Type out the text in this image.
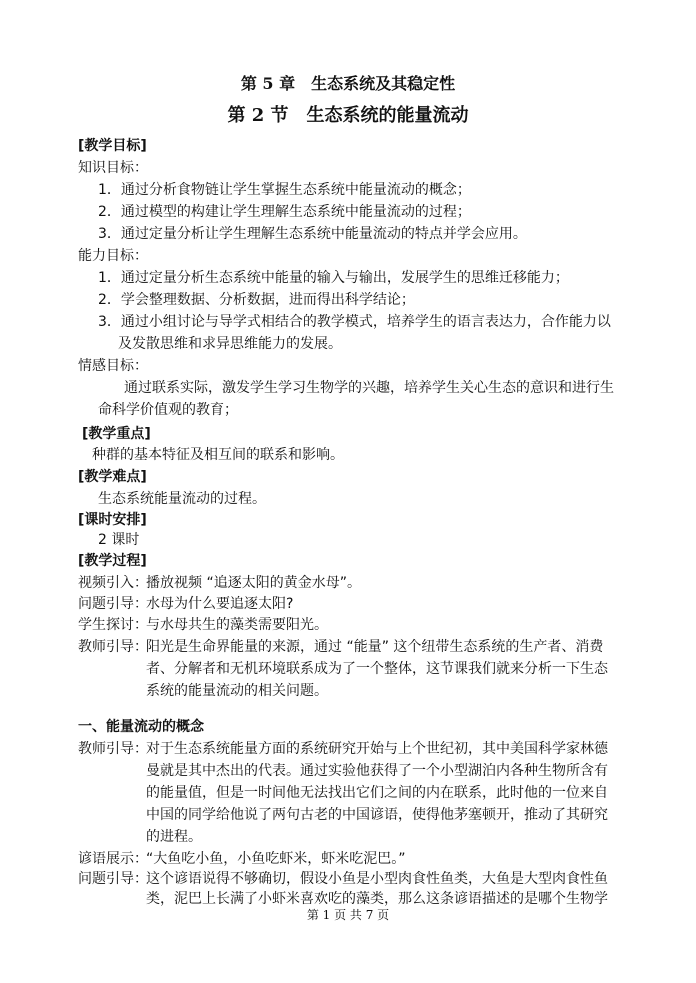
第 5 章　生态系统及其稳定性
第 2 节　生态系统的能量流动
[教学目标]
知识目标：
1．通过分析食物链让学生掌握生态系统中能量流动的概念；
2．通过模型的构建让学生理解生态系统中能量流动的过程；
3．通过定量分析让学生理解生态系统中能量流动的特点并学会应用。
能力目标：
1．通过定量分析生态系统中能量的输入与输出，发展学生的思维迁移能力；
2．学会整理数据、分析数据，进而得出科学结论；
3．通过小组讨论与导学式相结合的教学模式，培养学生的语言表达力，合作能力以
及发散思维和求异思维能力的发展。
情感目标：
通过联系实际，激发学生学习生物学的兴趣，培养学生关心生态的意识和进行生
命科学价值观的教育；
[教学重点]
种群的基本特征及相互间的联系和影响。
[教学难点]
生态系统能量流动的过程。
[课时安排]
2 课时
[教学过程]
视频引入：
播放视频 “追逐太阳的黄金水母”。
问题引导：
水母为什么要追逐太阳?
学生探讨：
与水母共生的藻类需要阳光。
教师引导：
阳光是生命界能量的来源，通过 “能量” 这个纽带生态系统的生产者、消费
者、分解者和无机环境联系成为了一个整体，这节课我们就来分析一下生态
系统的能量流动的相关问题。
一、能量流动的概念
教师引导：
对于生态系统能量方面的系统研究开始与上个世纪初，其中美国科学家林德
曼就是其中杰出的代表。通过实验他获得了一个小型湖泊内各种生物所含有
的能量值，但是一时间他无法找出它们之间的内在联系，此时他的一位来自
中国的同学给他说了两句古老的中国谚语，使得他茅塞顿开，推动了其研究
的进程。
谚语展示：
“大鱼吃小鱼，小鱼吃虾米，虾米吃泥巴。”
问题引导：
这个谚语说得不够确切，假设小鱼是小型肉食性鱼类，大鱼是大型肉食性鱼
类，泥巴上长满了小虾米喜欢吃的藻类，那么这条谚语描述的是哪个生物学
第 1 页 共 7 页
